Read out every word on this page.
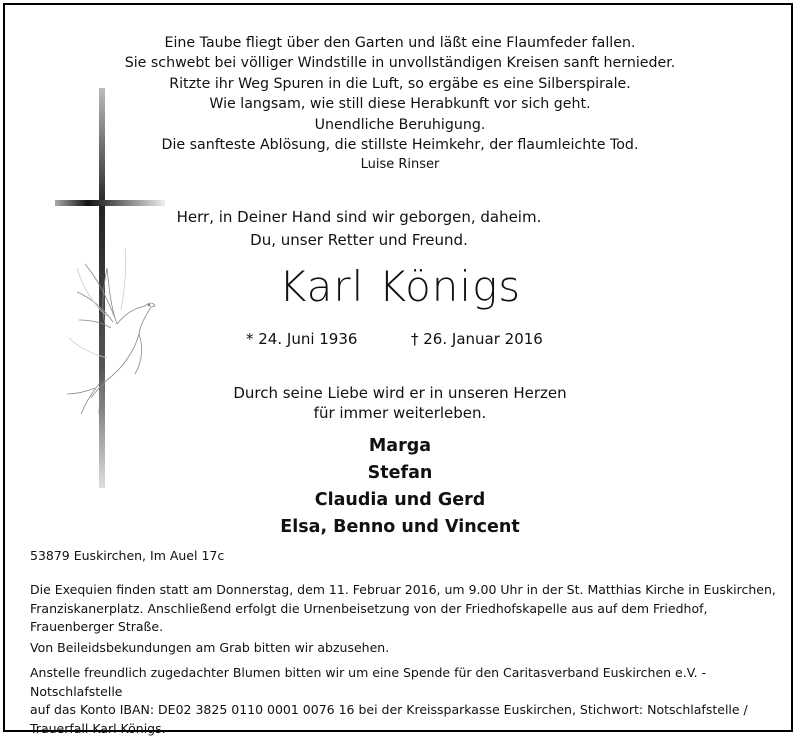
Eine Taube fliegt über den Garten und läßt eine Flaumfeder fallen.
Sie schwebt bei völliger Windstille in unvollständigen Kreisen sanft hernieder.
Ritzte ihr Weg Spuren in die Luft, so ergäbe es eine Silberspirale.
Wie langsam, wie still diese Herabkunft vor sich geht.
Unendliche Beruhigung.
Die sanfteste Ablösung, die stillste Heimkehr, der flaumleichte Tod.
Luise Rinser
Herr, in Deiner Hand sind wir geborgen, daheim.
Du, unser Retter und Freund.
Karl Königs
* 24. Juni 1936	† 26. Januar 2016
Durch seine Liebe wird er in unseren Herzen
für immer weiterleben.
Marga
Stefan
Claudia und Gerd
Elsa, Benno und Vincent
53879 Euskirchen, Im Auel 17c
Die Exequien finden statt am Donnerstag, dem 11. Februar 2016, um 9.00 Uhr in der St. Matthias Kirche in Euskirchen,
Franziskanerplatz. Anschließend erfolgt die Urnenbeisetzung von der Friedhofskapelle aus auf dem Friedhof,
Frauenberger Straße.
Von Beileidsbekundungen am Grab bitten wir abzusehen.
Anstelle freundlich zugedachter Blumen bitten wir um eine Spende für den Caritasverband Euskirchen e.V. - Notschlafstelle
auf das Konto IBAN: DE02 3825 0110 0001 0076 16 bei der Kreissparkasse Euskirchen, Stichwort: Notschlafstelle /
Trauerfall Karl Königs.
